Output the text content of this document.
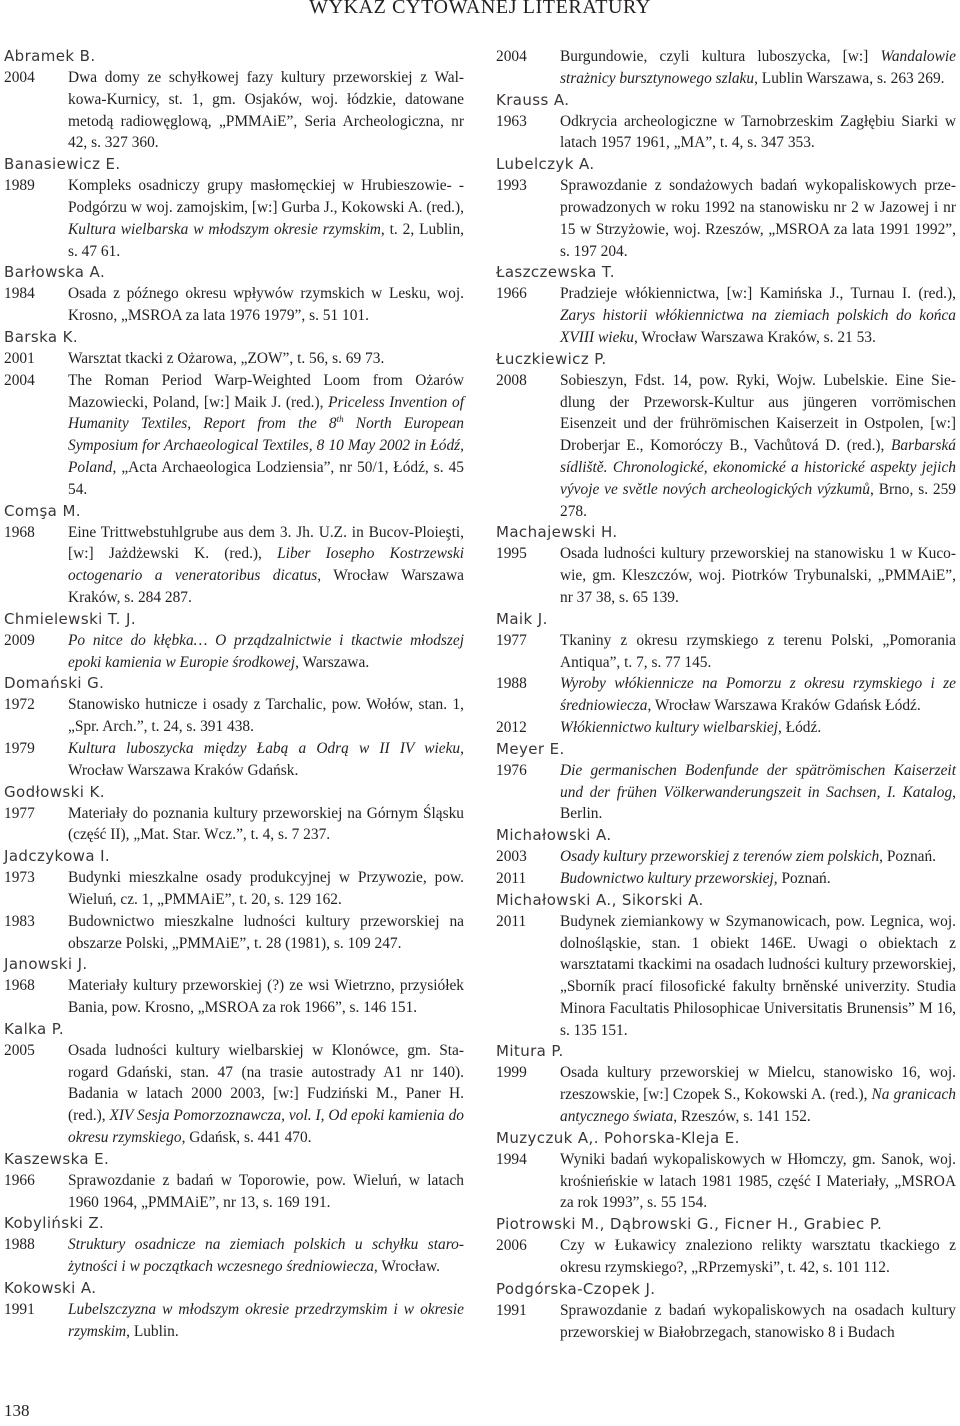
WYKAZ CYTOWANEJ LITERATURY
Abramek B.
2004 Dwa domy ze schyłkowej fazy kultury przeworskiej z Walkowa-Kurnicy, st. 1, gm. Osjaków, woj. łódzkie, datowane metodą radiowęglową, „PMMAiE”, Seria Archeologiczna, nr 42, s. 327 360.
Banasiewicz E.
1989 Kompleks osadniczy grupy masłomęckiej w Hrubieszowie- -Podgórzu w woj. zamojskim, [w:] Gurba J., Kokowski A. (red.), Kultura wielbarska w młodszym okresie rzymskim, t. 2, Lublin, s. 47 61.
Barłowska A.
1984 Osada z późnego okresu wpływów rzymskich w Lesku, woj. Krosno, „MSROA za lata 1976 1979”, s. 51 101.
Barska K.
2001 Warsztat tkacki z Ożarowa, „ZOW”, t. 56, s. 69 73.
2004 The Roman Period Warp-Weighted Loom from Ożarów Mazowiecki, Poland, [w:] Maik J. (red.), Priceless Invention of Humanity Textiles, Report from the 8th North European Symposium for Archaeological Textiles, 8 10 May 2002 in Łódź, Poland, „Acta Archaeologica Lodziensia”, nr 50/1, Łódź, s. 45 54.
Comşa M.
1968 Eine Trittwebstuhlgrube aus dem 3. Jh. U.Z. in Bucov-Ploieşti, [w:] Jażdżewski K. (red.), Liber Iosepho Kostrzewski octogenario a veneratoribus dicatus, Wrocław Warszawa Kraków, s. 284 287.
Chmielewski T. J.
2009 Po nitce do kłębka… O prządzalnictwie i tkactwie młodszej epoki kamienia w Europie środkowej, Warszawa.
Domański G.
1972 Stanowisko hutnicze i osady z Tarchalic, pow. Wołów, stan. 1, „Spr. Arch.”, t. 24, s. 391 438.
1979 Kultura luboszycka między Łabą a Odrą w II IV wieku, Wrocław Warszawa Kraków Gdańsk.
Godłowski K.
1977 Materiały do poznania kultury przeworskiej na Górnym Śląsku (część II), „Mat. Star. Wcz.”, t. 4, s. 7 237.
Jadczykowa I.
1973 Budynki mieszkalne osady produkcyjnej w Przywozie, pow. Wieluń, cz. 1, „PMMAiE”, t. 20, s. 129 162.
1983 Budownictwo mieszkalne ludności kultury przeworskiej na obszarze Polski, „PMMAiE”, t. 28 (1981), s. 109 247.
Janowski J.
1968 Materiały kultury przeworskiej (?) ze wsi Wietrzno, przysiółek Bania, pow. Krosno, „MSROA za rok 1966”, s. 146 151.
Kalka P.
2005 Osada ludności kultury wielbarskiej w Klonówce, gm. Starogard Gdański, stan. 47 (na trasie autostrady A1 nr 140). Badania w latach 2000 2003, [w:] Fudziński M., Paner H. (red.), XIV Sesja Pomorzoznawcza, vol. I, Od epoki kamienia do okresu rzymskiego, Gdańsk, s. 441 470.
Kaszewska E.
1966 Sprawozdanie z badań w Toporowie, pow. Wieluń, w latach 1960 1964, „PMMAiE”, nr 13, s. 169 191.
Kobyliński Z.
1988 Struktury osadnicze na ziemiach polskich u schyłku starożytności i w początkach wczesnego średniowiecza, Wrocław.
Kokowski A.
1991 Lubelszczyzna w młodszym okresie przedrzymskim i w okresie rzymskim, Lublin.
2004 Burgundowie, czyli kultura luboszycka, [w:] Wandalowie strażnicy bursztynowego szlaku, Lublin Warszawa, s. 263 269.
Krauss A.
1963 Odkrycia archeologiczne w Tarnobrzeskim Zagłębiu Siarki w latach 1957 1961, „MA”, t. 4, s. 347 353.
Lubelczyk A.
1993 Sprawozdanie z sondażowych badań wykopaliskowych przeprowadzonych w roku 1992 na stanowisku nr 2 w Jazowej i nr 15 w Strzyżowie, woj. Rzeszów, „MSROA za lata 1991 1992”, s. 197 204.
Łaszczewska T.
1966 Pradzieje włókiennictwa, [w:] Kamińska J., Turnau I. (red.), Zarys historii włókiennictwa na ziemiach polskich do końca XVIII wieku, Wrocław Warszawa Kraków, s. 21 53.
Łuczkiewicz P.
2008 Sobieszyn, Fdst. 14, pow. Ryki, Wojw. Lubelskie. Eine Siedlung der Przeworsk-Kultur aus jüngeren vorrömischen Eisenzeit und der frührömischen Kaiserzeit in Ostpolen, [w:] Droberjar E., Komoróczy B., Vachůtová D. (red.), Barbarská sídliště. Chronologické, ekonomické a historické aspekty jejich vývoje ve světle nových archeologických výzkumů, Brno, s. 259 278.
Machajewski H.
1995 Osada ludności kultury przeworskiej na stanowisku 1 w Kucowie, gm. Kleszczów, woj. Piotrków Trybunalski, „PMMAiE”, nr 37 38, s. 65 139.
Maik J.
1977 Tkaniny z okresu rzymskiego z terenu Polski, „Pomorania Antiqua”, t. 7, s. 77 145.
1988 Wyroby włókiennicze na Pomorzu z okresu rzymskiego i ze średniowiecza, Wrocław Warszawa Kraków Gdańsk Łódź.
2012 Włókiennictwo kultury wielbarskiej, Łódź.
Meyer E.
1976 Die germanischen Bodenfunde der spätrömischen Kaiserzeit und der frühen Völkerwanderungszeit in Sachsen, I. Katalog, Berlin.
Michałowski A.
2003 Osady kultury przeworskiej z terenów ziem polskich, Poznań.
2011 Budownictwo kultury przeworskiej, Poznań.
Michałowski A., Sikorski A.
2011 Budynek ziemiankowy w Szymanowicach, pow. Legnica, woj. dolnośląskie, stan. 1 obiekt 146E. Uwagi o obiektach z warsztatami tkackimi na osadach ludności kultury przeworskiej, „Sborník prací filosofické fakulty brněnské univerzity. Studia Minora Facultatis Philosophicae Universitatis Brunensis” M 16, s. 135 151.
Mitura P.
1999 Osada kultury przeworskiej w Mielcu, stanowisko 16, woj. rzeszowskie, [w:] Czopek S., Kokowski A. (red.), Na granicach antycznego świata, Rzeszów, s. 141 152.
Muzyczuk A,. Pohorska-Kleja E.
1994 Wyniki badań wykopaliskowych w Hłomczy, gm. Sanok, woj. krośnieńskie w latach 1981 1985, część I Materiały, „MSROA za rok 1993”, s. 55 154.
Piotrowski M., Dąbrowski G., Ficner H., Grabiec P.
2006 Czy w Łukawicy znaleziono relikty warsztatu tkackiego z okresu rzymskiego?, „RPrzemyski”, t. 42, s. 101 112.
Podgórska-Czopek J.
1991 Sprawozdanie z badań wykopaliskowych na osadach kultury przeworskiej w Białobrzegach, stanowisko 8 i Budach
138
